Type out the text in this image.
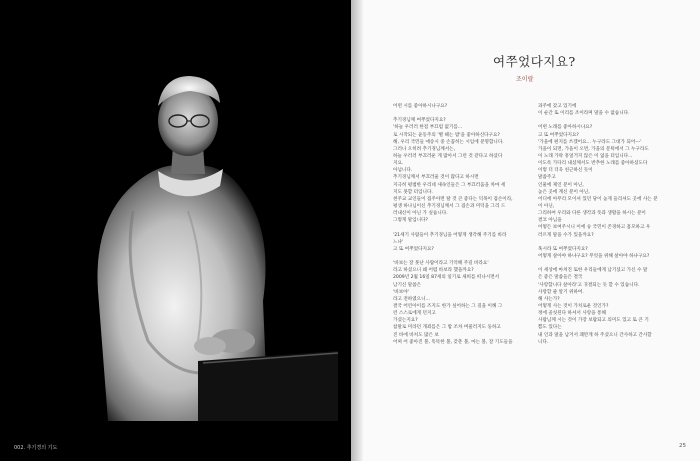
002. 추기경의 기도
여쭈었다지요?
조이랄
어떤 시를 좋아하시나구요?
추기경님께 여쭈었다지요?
'하늘 우러러 한점 부끄럼 없기를...
로 시작되는 윤동주의 '별 헤는 밤'을 좋아하신다구요?
해, 우리 국민들 애송시 중 손꼽히는 시임에 분명합니다.
그러나 오히려 추기경님께서는,
하늘 우러러 부끄러운 게 많아서 그런 것 같다고 하셨다
지요.
아닙니다.
추기경님께서 부끄러울 것이 많다고 하시면
지극히 평범한 우리네 새속인들은 그 부끄러움을 차마 세
지도 못할 터입니다.
천주교 교인들이 집주아면 탈 것 큰 좋다는 덕목이 겸손이라,
평생 하나님이신 추기경님께서 그 겸손과 미덕을 그리 드
러내신이 아닌 가 싶습니다.
그렇게 말입니다?
'21세기 사람들이 추기경님을 어떻게 생각해 주기를 바라
느냐'
고 또 여쭈었다지요?
'바보는 잘 못난 사람이라고 기억해 주길 바라요'
라고 하셨으니 왜 어렵 바보라 했을까요?
2009년 2월 16일 87세의 일기로 새희를 떠나시면서
남기신 말씀은
'바보야'
라고 전하였으니...
결국 어린아이를 즈지도 한가 싶어하는 그 길을 이해 그
런 스스로에게 던지고
가셨는지요?
참말로 미라던 개죄를은 그 밤 조차 버물러지도 둥하고
진 바에 바쳐도 많은 보
어찌 어 좋아진 볼, 똑똑한 볼, 갖춘 볼, 마는 볼, 잘 기도들을
과주에 갔고 있기에
이 순간 또 이리를 조이라며 말을 수 없습니다.
어떤 노래를 좋아하시나요?
고 또 여쭈었다지요?
'가을에 편지를 쓰겠어요... 누구라도 그대가 되어---'
가을이 되면, 가을이 오면, 가을의 문턱에서 그 누구라도
이 노래 가락 흥얼거지 않은 이 없을 터입니다...
이도록 가다리 내셨께서도 반추한 노래를 좋아하셨도다
이렇 더 더욱 친근하신 듯이
말씀주고
인물에 제인 분이 아닌,
높은 곳에 계신 분이 아닌,
어디에 아무리 모이셔 있던 당이 높게 들리셔도 곳에 사는 분
이 아닌,
그리하여 우리와 다른 생각과 뜻과 생활을 하시는 분이
결코 아님을
어떻든 보여주시니 이에 숭 국민이 존경하고 흠모하고 우
러르게 말을 수가 있을까요?
혹시라 또 여쭈었다지요?
어떻게 살아야 하냐구요? 무엇을 위해 살아야 하냐구요?
이 세상에 마쳐진 또한 우리들에게 남기셨고 가신 수 말
은 좋은 말씀들은 결국
'사랑합니다 살아라'고 귀결되는 듯 할 수 있습니다.
사랑할 줄 알기 위하여.
해 사는가?
어떻게 사는 것이 가치로운 것인가?
정에 골칫된다 하셔서 사랑을 통해
사람님께 시는 것이 가장 보람되고 의미도 있고 또 큰 기
쁨도 있다는
내 인과 말을 남겨서 쾌만게 하 주셨으니 간사하고 간사할
니다.
25
